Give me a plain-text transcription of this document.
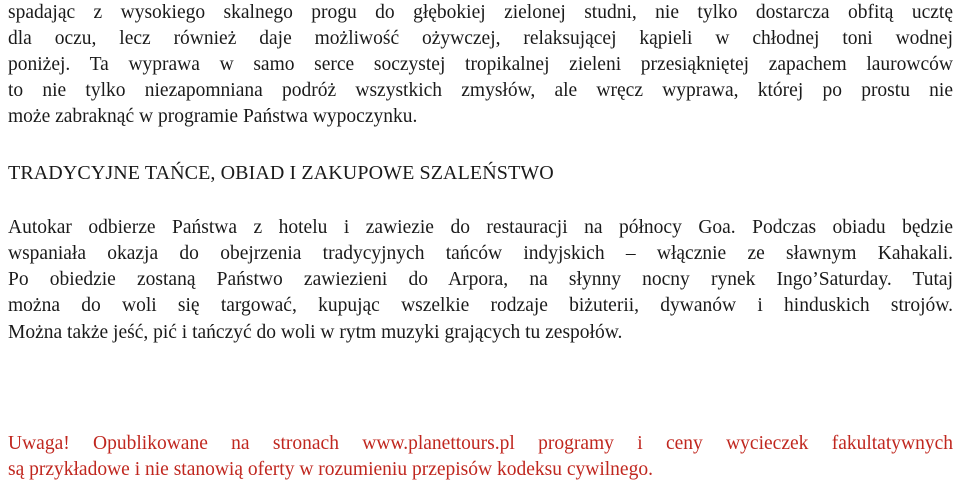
spadając z wysokiego skalnego progu do głębokiej zielonej studni, nie tylko dostarcza obfitą ucztę
dla oczu, lecz również daje możliwość ożywczej, relaksującej kąpieli w chłodnej toni wodnej
poniżej. Ta wyprawa w samo serce soczystej tropikalnej zieleni przesiąkniętej zapachem laurowców
to nie tylko niezapomniana podróż wszystkich zmysłów, ale wręcz wyprawa, której po prostu nie
może zabraknąć w programie Państwa wypoczynku.
TRADYCYJNE TAŃCE, OBIAD I ZAKUPOWE SZALEŃSTWO
Autokar odbierze Państwa z hotelu i zawiezie do restauracji na północy Goa. Podczas obiadu będzie
wspaniała okazja do obejrzenia tradycyjnych tańców indyjskich – włącznie ze sławnym Kahakali.
Po obiedzie zostaną Państwo zawiezieni do Arpora, na słynny nocny rynek Ingo’Saturday. Tutaj
można do woli się targować, kupując wszelkie rodzaje biżuterii, dywanów i hinduskich strojów.
Można także jeść, pić i tańczyć do woli w rytm muzyki grających tu zespołów.
Uwaga! Opublikowane na stronach www.planettours.pl programy i ceny wycieczek fakultatywnych
są przykładowe i nie stanowią oferty w rozumieniu przepisów kodeksu cywilnego.
